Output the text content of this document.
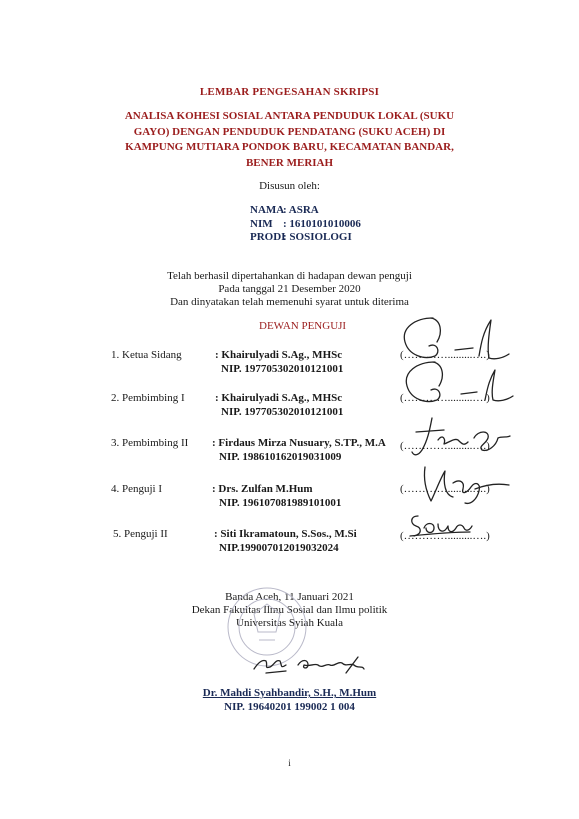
LEMBAR PENGESAHAN SKRIPSI
ANALISA KOHESI SOSIAL ANTARA PENDUDUK LOKAL (SUKU
GAYO) DENGAN PENDUDUK PENDATANG (SUKU ACEH) DI
KAMPUNG MUTIARA PONDOK BARU, KECAMATAN BANDAR,
BENER MERIAH
Disusun oleh:
NAMA: ASRA
NIM : 1610101010006
PRODI: SOSIOLOGI
Telah berhasil dipertahankan di hadapan dewan penguji
Pada tanggal 21 Desember 2020
Dan dinyatakan telah memenuhi syarat untuk diterima
DEWAN PENGUJI
1. Ketua Sidang	: Khairulyadi S.Ag., MHSc
NIP. 197705302010121001
(………….........….)
2. Pembimbing I	: Khairulyadi S.Ag., MHSc
NIP. 197705302010121001
(………….........….)
3. Pembimbing II : Firdaus Mirza Nusuary, S.TP., M.A
NIP. 198610162019031009
(………….........….)
4. Penguji I	: Drs. Zulfan M.Hum
NIP. 196107081989101001
(………….........….)
5. Penguji II	: Siti Ikramatoun, S.Sos., M.Si
NIP.199007012019032024
(………….........….)
Banda Aceh, 11 Januari 2021
Dekan Fakultas Ilmu Sosial dan Ilmu politik
Universitas Syiah Kuala
Dr. Mahdi Syahbandir, S.H., M.Hum
NIP. 19640201 199002 1 004
i
